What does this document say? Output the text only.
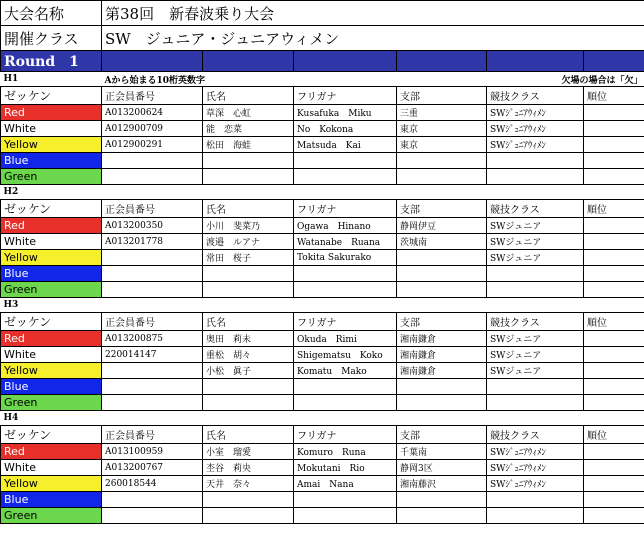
大会名称	第38回　新春波乗り大会					
開催クラス	SW　ジュニア・ジュニアウィメン					
Round　1						
H1	Aから始まる10桁英数字			欠場の場合は「欠」		
ゼッケン	正会員番号	氏名	フリガナ	支部	競技クラス	順位
Red	A013200624	草深　心虹	Kusafuka　Miku	三重	SWｼﾞｭﾆｱｳｨﾒﾝ	
White	A012900709	能　恋菜	No　Kokona	東京	SWｼﾞｭﾆｱｳｨﾒﾝ	
Yellow	A012900291	松田　海蛙	Matsuda　Kai	東京	SWｼﾞｭﾆｱｳｨﾒﾝ	
Blue						
Green						
H2						
ゼッケン	正会員番号	氏名	フリガナ	支部	競技クラス	順位
Red	A013200350	小川　斐菜乃	Ogawa　Hinano	静岡伊豆	SWジュニア	
White	A013201778	渡邉　ルアナ	Watanabe　Ruana	茨城南	SWジュニア	
Yellow		常田　桜子	Tokita Sakurako		SWジュニア	
Blue						
Green						
H3						
ゼッケン	正会員番号	氏名	フリガナ	支部	競技クラス	順位
Red	A013200875	奥田　莉未	Okuda　Rimi	湘南鎌倉	SWジュニア	
White	220014147	重松　胡々	Shigematsu　Koko	湘南鎌倉	SWジュニア	
Yellow		小松　眞子	Komatu　Mako	湘南鎌倉	SWジュニア	
Blue						
Green						
H4						
ゼッケン	正会員番号	氏名	フリガナ	支部	競技クラス	順位
Red	A013100959	小室　瑠愛	Komuro　Runa	千葉南	SWｼﾞｭﾆｱｳｨﾒﾝ	
White	A013200767	杢谷　莉央	Mokutani　Rio	静岡3区	SWｼﾞｭﾆｱｳｨﾒﾝ	
Yellow	260018544	天井　奈々	Amai　Nana	湘南藤沢	SWｼﾞｭﾆｱｳｨﾒﾝ	
Blue						
Green						
